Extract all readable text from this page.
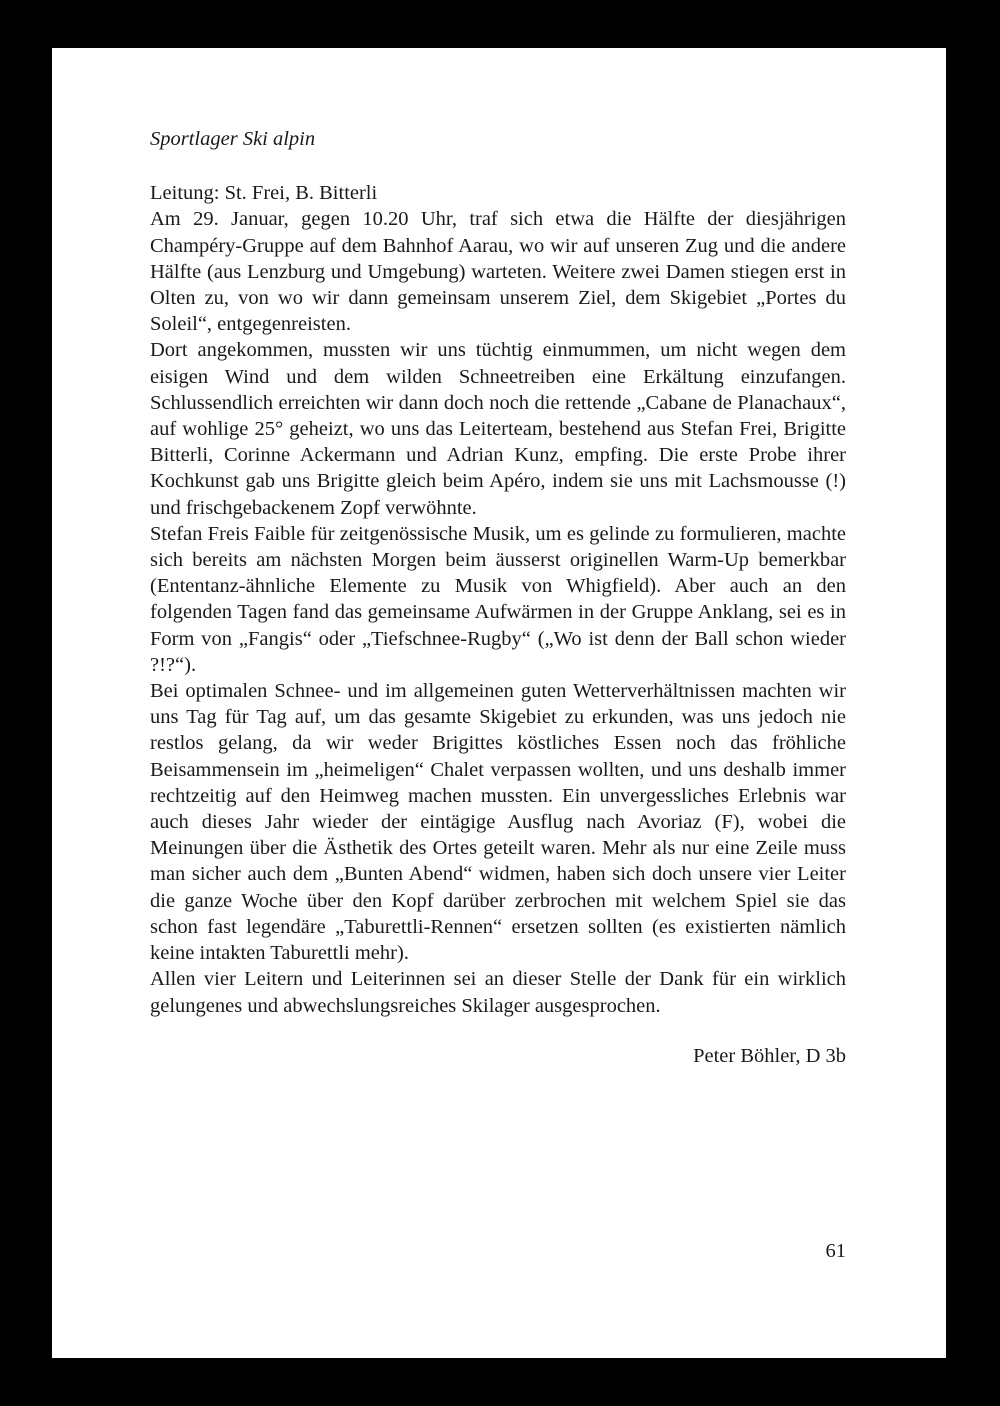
Sportlager Ski alpin

Leitung: St. Frei, B. Bitterli

Am 29. Januar, gegen 10.20 Uhr, traf sich etwa die Hälfte der diesjährigen Champéry-Gruppe auf dem Bahnhof Aarau, wo wir auf unseren Zug und die andere Hälfte (aus Lenzburg und Umgebung) warteten. Weitere zwei Damen stiegen erst in Olten zu, von wo wir dann gemeinsam unserem Ziel, dem Skigebiet „Portes du Soleil“, entgegenreisten.

Dort angekommen, mussten wir uns tüchtig einmummen, um nicht wegen dem eisigen Wind und dem wilden Schneetreiben eine Erkältung einzufangen. Schlussendlich erreichten wir dann doch noch die rettende „Cabane de Planachaux“, auf wohlige 25° geheizt, wo uns das Leiterteam, bestehend aus Stefan Frei, Brigitte Bitterli, Corinne Ackermann und Adrian Kunz, empfing. Die erste Probe ihrer Kochkunst gab uns Brigitte gleich beim Apéro, indem sie uns mit Lachsmousse (!) und frischgebackenem Zopf verwöhnte.

Stefan Freis Faible für zeitgenössische Musik, um es gelinde zu formulieren, machte sich bereits am nächsten Morgen beim äusserst originellen Warm-Up bemerkbar (Ententanz-ähnliche Elemente zu Musik von Whigfield). Aber auch an den folgenden Tagen fand das gemeinsame Aufwärmen in der Gruppe Anklang, sei es in Form von „Fangis“ oder „Tiefschnee-Rugby“ („Wo ist denn der Ball schon wieder ?!?“).

Bei optimalen Schnee- und im allgemeinen guten Wetterverhältnissen machten wir uns Tag für Tag auf, um das gesamte Skigebiet zu erkunden, was uns jedoch nie restlos gelang, da wir weder Brigittes köstliches Essen noch das fröhliche Beisammensein im „heimeligen“ Chalet verpassen wollten, und uns deshalb immer rechtzeitig auf den Heimweg machen mussten. Ein unvergessliches Erlebnis war auch dieses Jahr wieder der eintägige Ausflug nach Avoriaz (F), wobei die Meinungen über die Ästhetik des Ortes geteilt waren. Mehr als nur eine Zeile muss man sicher auch dem „Bunten Abend“ widmen, haben sich doch unsere vier Leiter die ganze Woche über den Kopf darüber zerbrochen mit welchem Spiel sie das schon fast legendäre „Taburettli-Rennen“ ersetzen sollten (es existierten nämlich keine intakten Taburettli mehr).

Allen vier Leitern und Leiterinnen sei an dieser Stelle der Dank für ein wirklich gelungenes und abwechslungsreiches Skilager ausgesprochen.

Peter Böhler, D 3b

61
